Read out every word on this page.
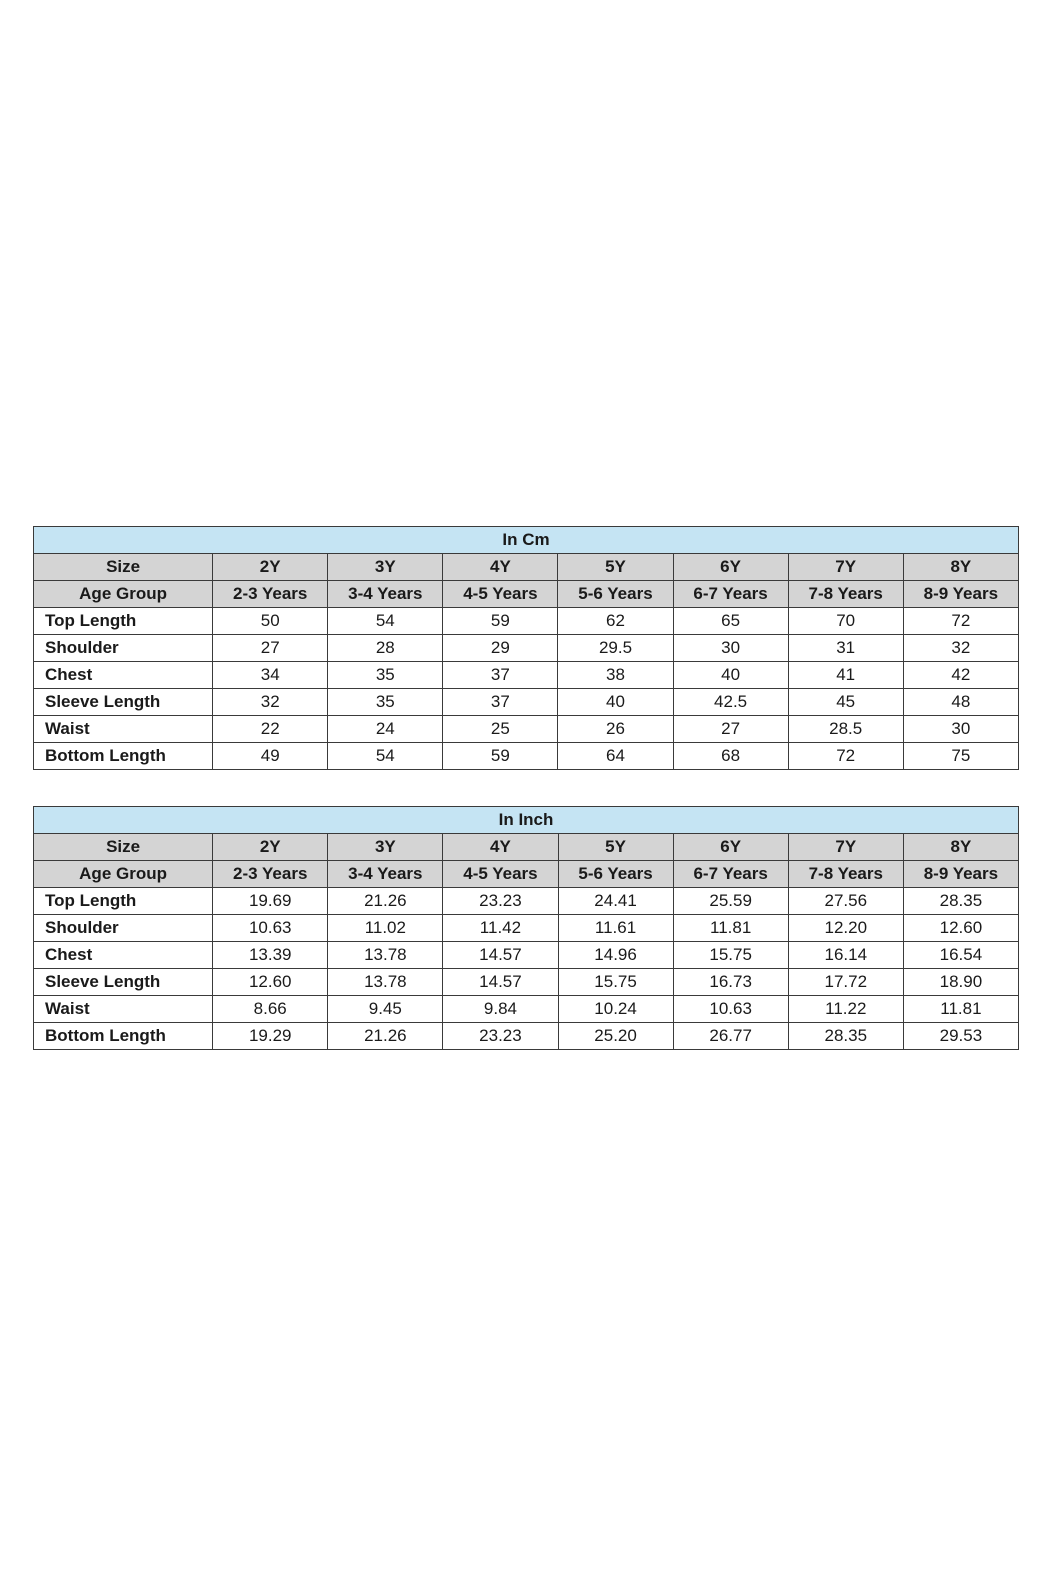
In Cm							
Size	2Y	3Y	4Y	5Y	6Y	7Y	8Y
Age Group	2-3 Years	3-4 Years	4-5 Years	5-6 Years	6-7 Years	7-8 Years	8-9 Years
Top Length	50	54	59	62	65	70	72
Shoulder	27	28	29	29.5	30	31	32
Chest	34	35	37	38	40	41	42
Sleeve Length	32	35	37	40	42.5	45	48
Waist	22	24	25	26	27	28.5	30
Bottom Length	49	54	59	64	68	72	75
In Inch							
Size	2Y	3Y	4Y	5Y	6Y	7Y	8Y
Age Group	2-3 Years	3-4 Years	4-5 Years	5-6 Years	6-7 Years	7-8 Years	8-9 Years
Top Length	19.69	21.26	23.23	24.41	25.59	27.56	28.35
Shoulder	10.63	11.02	11.42	11.61	11.81	12.20	12.60
Chest	13.39	13.78	14.57	14.96	15.75	16.14	16.54
Sleeve Length	12.60	13.78	14.57	15.75	16.73	17.72	18.90
Waist	8.66	9.45	9.84	10.24	10.63	11.22	11.81
Bottom Length	19.29	21.26	23.23	25.20	26.77	28.35	29.53
